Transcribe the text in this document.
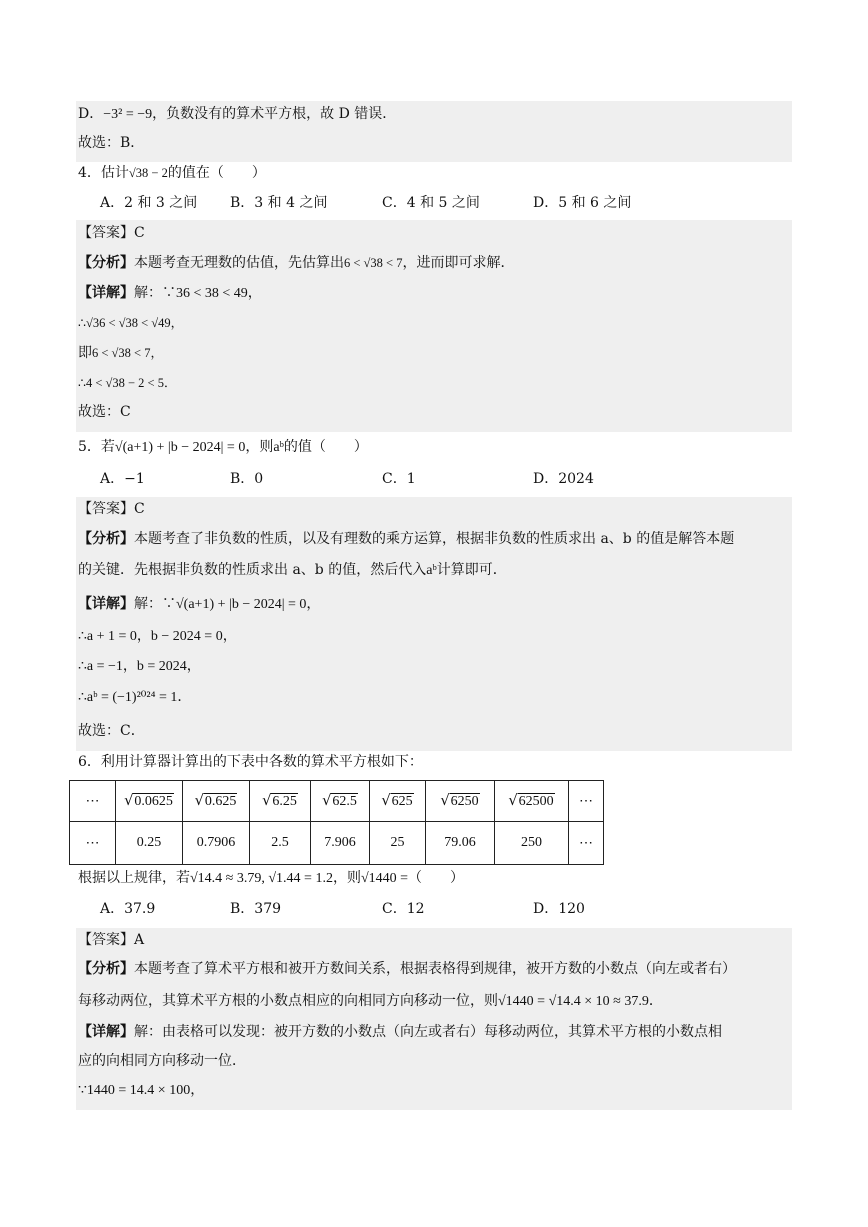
D．−3² = −9，负数没有的算术平方根，故 D 错误．
故选：B．
4．估计√38 − 2的值在（　　）
A．2 和 3 之间 B．3 和 4 之间	C．4 和 5 之间	D．5 和 6 之间
【答案】C
【分析】本题考查无理数的估值，先估算出6 < √38 < 7，进而即可求解．
【详解】解：∵36 < 38 < 49，
∴√36 < √38 < √49，
即6 < √38 < 7，
∴4 < √38 − 2 < 5．
故选：C
5．若√(a+1) + |b − 2024| = 0，则aᵇ的值（　　）
A．−1	B．0	C．1	D．2024
【答案】C
【分析】本题考查了非负数的性质，以及有理数的乘方运算，根据非负数的性质求出 a、b 的值是解答本题
的关键．先根据非负数的性质求出 a、b 的值，然后代入aᵇ计算即可．
【详解】解：∵√(a+1) + |b − 2024| = 0，
∴a + 1 = 0，b − 2024 = 0，
∴a = −1，b = 2024，
∴aᵇ = (−1)²⁰²⁴ = 1．
故选：C．
6．利用计算器计算出的下表中各数的算术平方根如下：
⋯	√0.0625	√0.625	√6.25	√62.5	√625	√6250	√62500	⋯
⋯	0.25	0.7906	2.5	7.906	25	79.06	250	⋯
根据以上规律，若√14.4 ≈ 3.79, √1.44 = 1.2，则√1440 =（　　）
A．37.9	B．379	C．12	D．120
【答案】A
【分析】本题考查了算术平方根和被开方数间关系，根据表格得到规律，被开方数的小数点（向左或者右）
每移动两位，其算术平方根的小数点相应的向相同方向移动一位，则√1440 = √14.4 × 10 ≈ 37.9．
【详解】解：由表格可以发现：被开方数的小数点（向左或者右）每移动两位，其算术平方根的小数点相
应的向相同方向移动一位．
∵1440 = 14.4 × 100，
